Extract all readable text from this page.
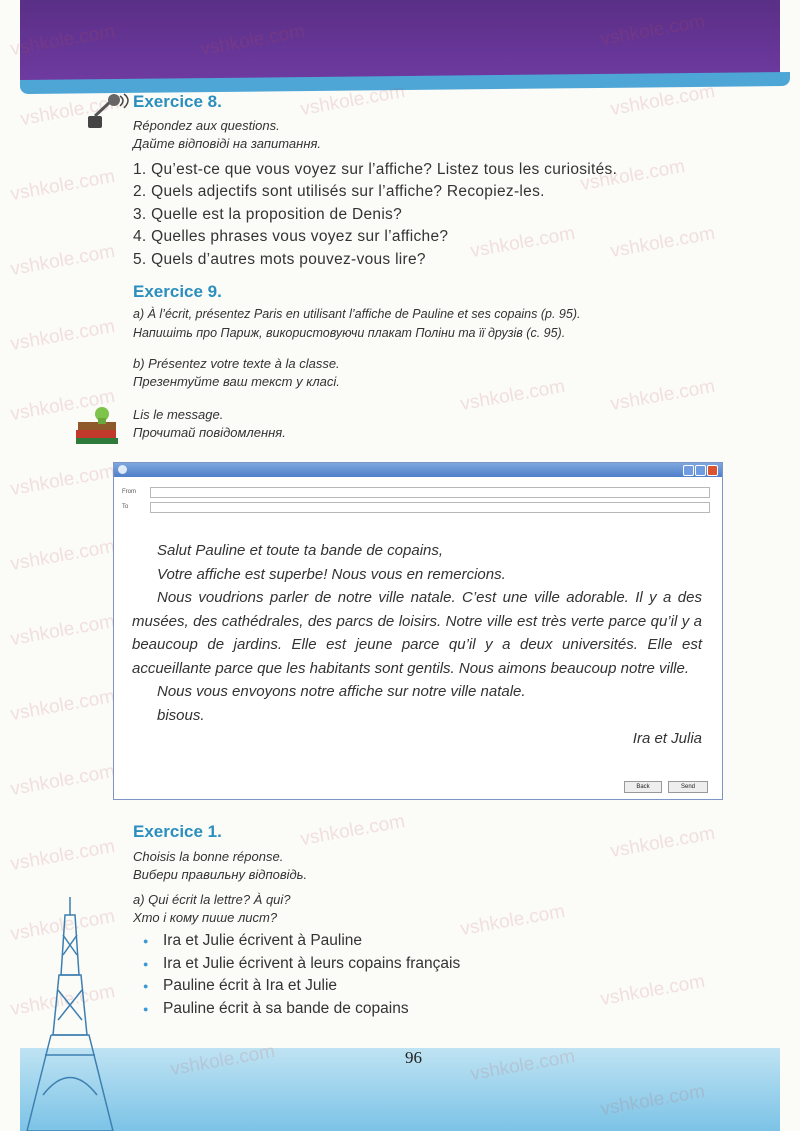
vshkole.com	vshkole.com	vshkole.com
vshkole.com	vshkole.com
vshkole.com	vshkole.com vshkole.com
vshkole.com
vshkole.com	vshkole.com vshkole.com
vshkole.com
vshkole.com
vshkole.com
vshkole.com
vshkole.com
vshkole.com
vshkole.com	vshkole.com
vshkole.com	vshkole.com
vshkole.com	vshkole.com
Exercice 8.
Répondez aux questions.
Дайте відповіді на запитання.
1. Qu’est-ce que vous voyez sur l’affiche? Listez tous les curiosités.
2. Quels adjectifs sont utilisés sur l’affiche? Recopiez-les.
3. Quelle est la proposition de Denis?
4. Quelles phrases vous voyez sur l’affiche?
5. Quels d’autres mots pouvez-vous lire?
Exercice 9.
a) À l’écrit, présentez Paris en utilisant l’affiche de Pauline et ses copains (p. 95).
Напишіть про Париж, використовуючи плакат Поліни та її друзів (с. 95).
b) Présentez votre texte à la classe.
Презентуйте ваш текст у класі.
Lis le message.
Прочитай повідомлення.
From
To

Salut Pauline et toute ta bande de copains,

Votre affiche est superbe! Nous vous en remercions.

Nous voudrions parler de notre ville natale. C’est une ville adorable. Il y a des musées, des cathédrales, des parcs de loisirs. Notre ville est très verte parce qu’il y a beaucoup de jardins. Elle est jeune parce qu’il y a deux universités. Elle est accueillante parce que les habitants sont gentils. Nous aimons beaucoup notre ville.

Nous vous envoyons notre affiche sur notre ville natale.

bisous.

Ira et Julia

Back	Send
Exercice 1.
Choisis la bonne réponse.
Вибери правильну відповідь.
a) Qui écrit la lettre? À qui?
Хто і кому пише лист?
● Ira et Julie écrivent à Pauline
● Ira et Julie écrivent à leurs copains français
● Pauline écrit à Ira et Julie
● Pauline écrit à sa bande de copains
96
